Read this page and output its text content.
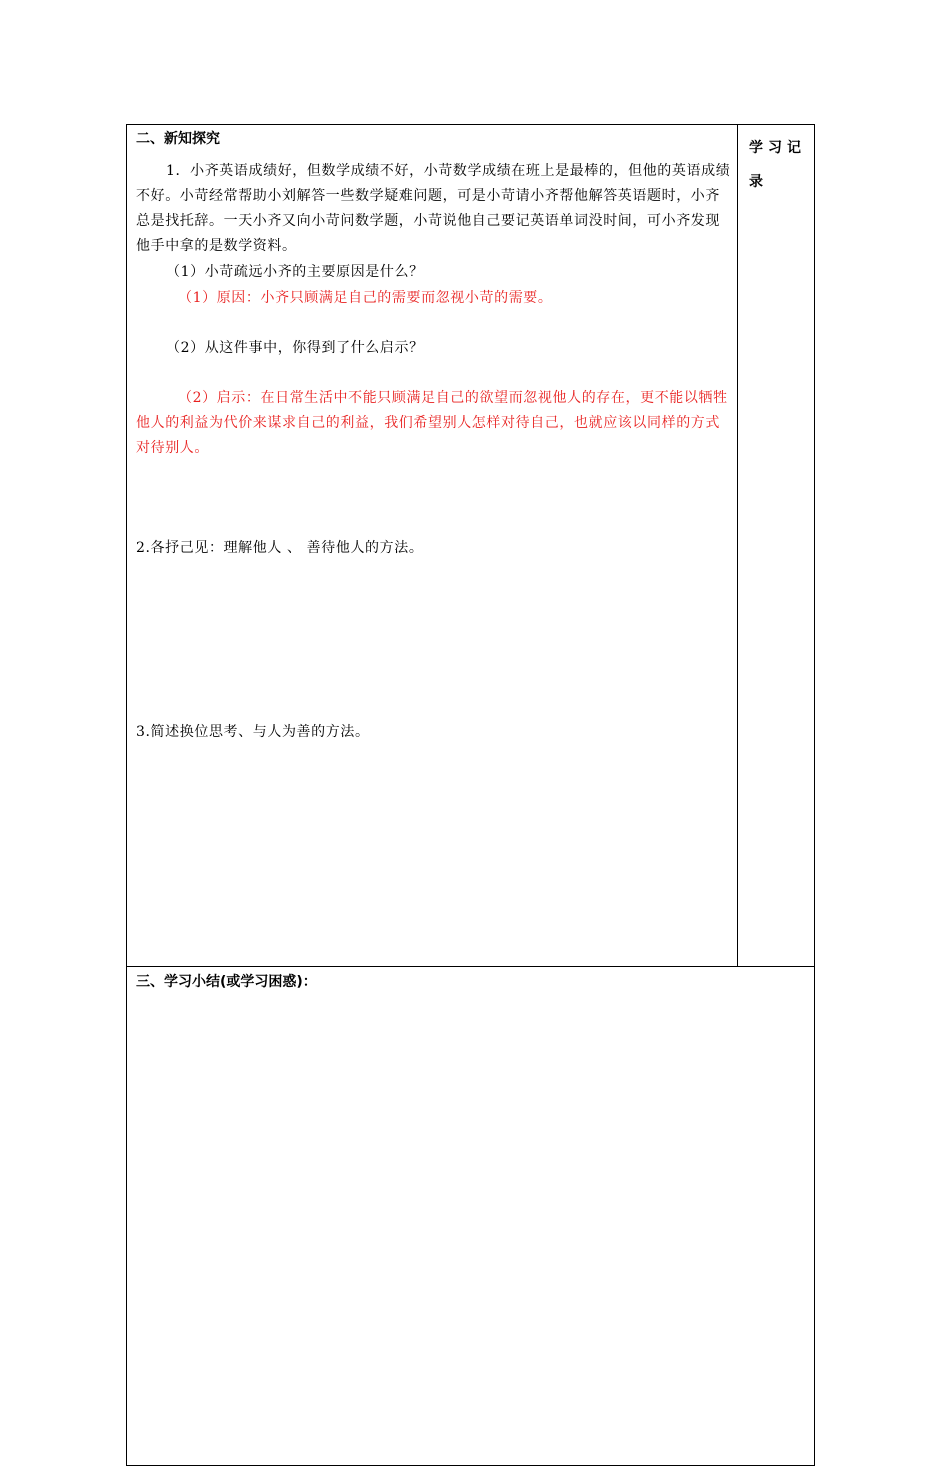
二、新知探究
1．小齐英语成绩好，但数学成绩不好，小苛数学成绩在班上是最棒的，但他的英语成绩不好。小苛经常帮助小刘解答一些数学疑难问题，可是小苛请小齐帮他解答英语题时，小齐总是找托辞。一天小齐又向小苛问数学题，小苛说他自己要记英语单词没时间，可小齐发现他手中拿的是数学资料。
（1）小苛疏远小齐的主要原因是什么？
（1）原因：小齐只顾满足自己的需要而忽视小苛的需要。
（2）从这件事中，你得到了什么启示？
（2）启示：在日常生活中不能只顾满足自己的欲望而忽视他人的存在，更不能以牺牲他人的利益为代价来谋求自己的利益，我们希望别人怎样对待自己，也就应该以同样的方式对待别人。
2.各抒己见：理解他人 、 善待他人的方法。
3.简述换位思考、与人为善的方法。
学习记录
三、学习小结(或学习困惑)：
